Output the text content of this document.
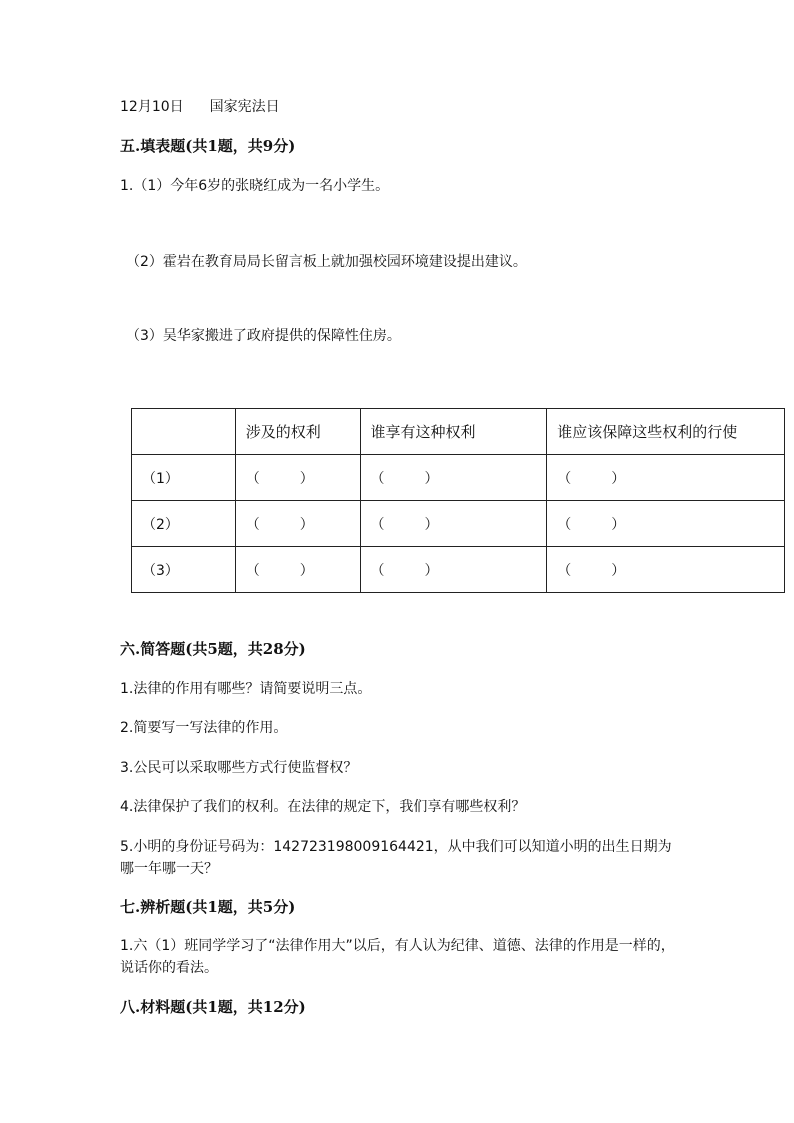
12月10日 国家宪法日
五.填表题(共1题，共9分)
1.（1）今年6岁的张晓红成为一名小学生。
（2）霍岩在教育局局长留言板上就加强校园环境建设提出建议。
（3）吴华家搬进了政府提供的保障性住房。
	涉及的权利	谁享有这种权利	谁应该保障这些权利的行使
（1）	（ ）	（ ）	（ ）
（2）	（ ）	（ ）	（ ）
（3）	（ ）	（ ）	（ ）
六.简答题(共5题，共28分)
1.法律的作用有哪些？请简要说明三点。
2.简要写一写法律的作用。
3.公民可以采取哪些方式行使监督权？
4.法律保护了我们的权利。在法律的规定下，我们享有哪些权利？
5.小明的身份证号码为：142723198009164421，从中我们可以知道小明的出生日期为哪一年哪一天？
七.辨析题(共1题，共5分)
1.六（1）班同学学习了“法律作用大”以后，有人认为纪律、道德、法律的作用是一样的，说话你的看法。
八.材料题(共1题，共12分)
